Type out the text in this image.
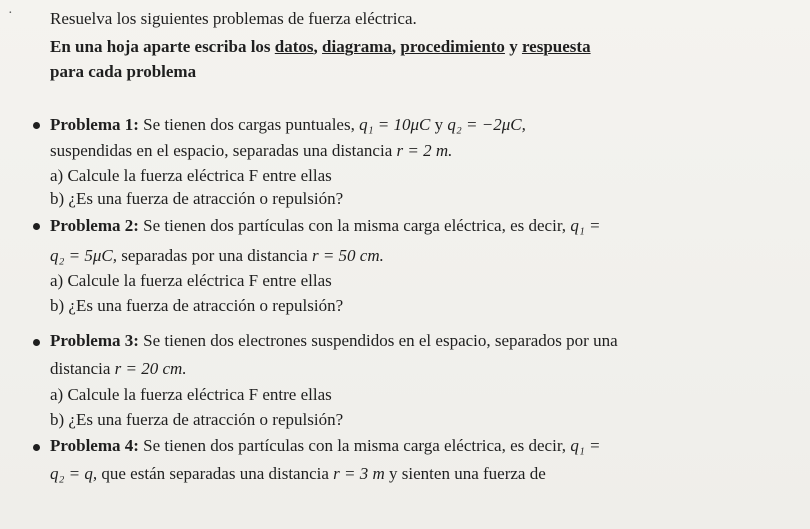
· Resuelva los siguientes problemas de fuerza eléctrica.
En una hoja aparte escriba los datos, diagrama, procedimiento y respuesta
para cada problema
Problema 1: Se tienen dos cargas puntuales, q₁ = 10μC y q₂ = −2μC,
suspendidas en el espacio, separadas una distancia r = 2 m.
a) Calcule la fuerza eléctrica F entre ellas
b) ¿Es una fuerza de atracción o repulsión?
Problema 2: Se tienen dos partículas con la misma carga eléctrica, es decir, q₁ =
q₂ = 5μC, separadas por una distancia r = 50 cm.
a) Calcule la fuerza eléctrica F entre ellas
b) ¿Es una fuerza de atracción o repulsión?
Problema 3: Se tienen dos electrones suspendidos en el espacio, separados por una
distancia r = 20 cm.
a) Calcule la fuerza eléctrica F entre ellas
b) ¿Es una fuerza de atracción o repulsión?
Problema 4: Se tienen dos partículas con la misma carga eléctrica, es decir, q₁ =
q₂ = q, que están separadas una distancia r = 3 m y sienten una fuerza de
